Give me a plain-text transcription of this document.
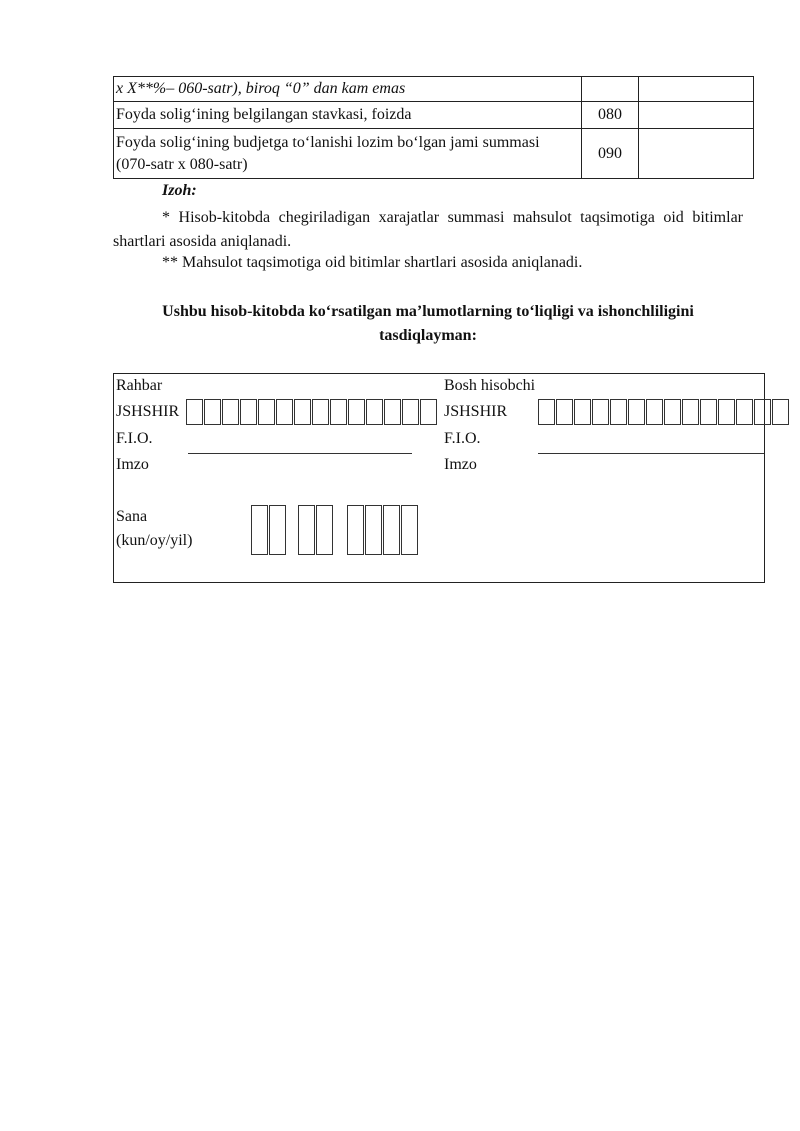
x X**%– 060-satr), biroq “0” dan kam emas		
Foyda solig‘ining belgilangan stavkasi, foizda	080	

Foyda solig‘ining budjetga to‘lanishi lozim bo‘lgan jami summasi
(070-satr x 080-satr)	090	
Izoh:
* Hisob-kitobda chegiriladigan xarajatlar summasi mahsulot taqsimotiga oid bitimlar shartlari asosida aniqlanadi.
** Mahsulot taqsimotiga oid bitimlar shartlari asosida aniqlanadi.
Ushbu hisob-kitobda ko‘rsatilgan ma’lumotlarning to‘liqligi va ishonchliligini
tasdiqlayman:
Rahbar
JSHSHIR
F.I.O.
Imzo
Sana
(kun/oy/yil)
Bosh hisobchi
JSHSHIR
F.I.O.
Imzo
